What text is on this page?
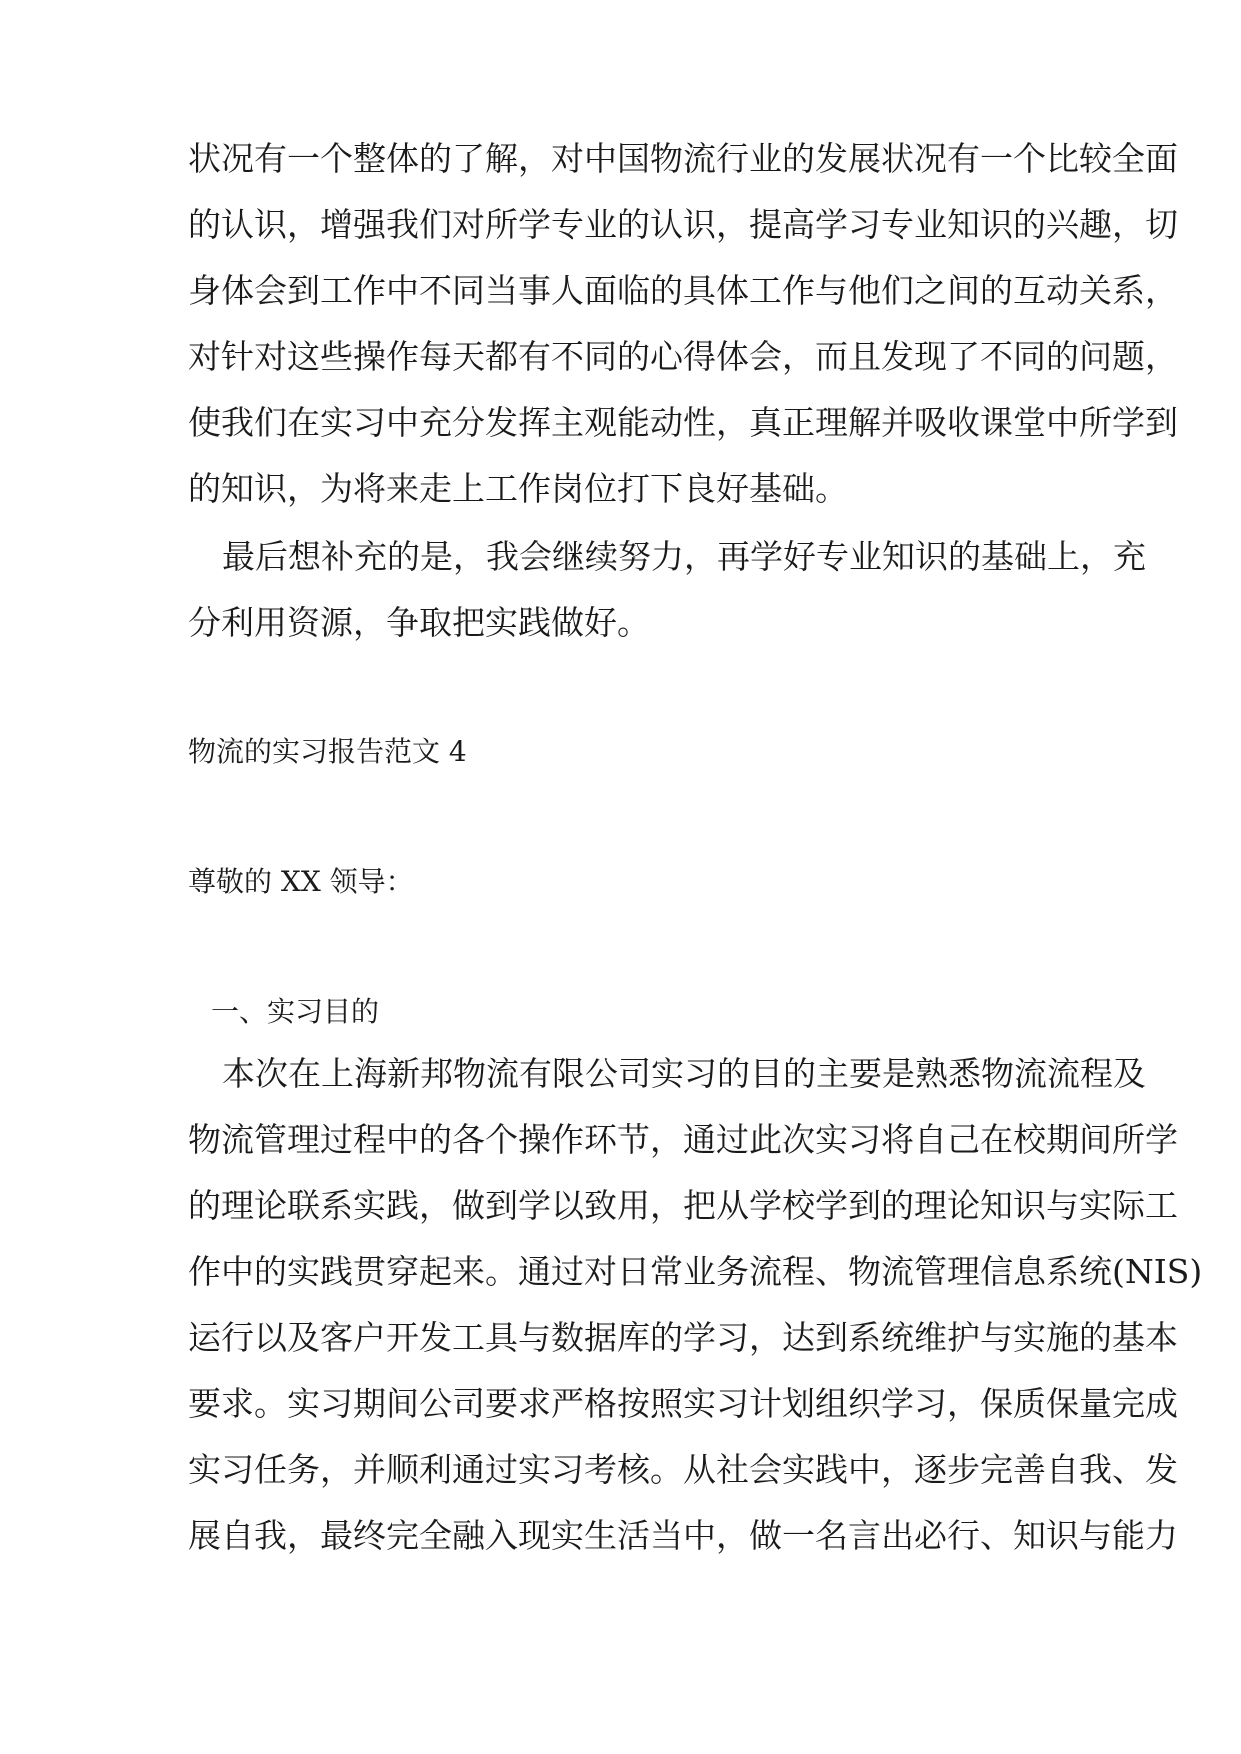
状况有一个整体的了解，对中国物流行业的发展状况有一个比较全面
的认识，增强我们对所学专业的认识，提高学习专业知识的兴趣，切
身体会到工作中不同当事人面临的具体工作与他们之间的互动关系，
对针对这些操作每天都有不同的心得体会，而且发现了不同的问题，
使我们在实习中充分发挥主观能动性，真正理解并吸收课堂中所学到
的知识，为将来走上工作岗位打下良好基础。
最后想补充的是，我会继续努力，再学好专业知识的基础上，充
分利用资源，争取把实践做好。
物流的实习报告范文 4
尊敬的 XX 领导：
一、实习目的
本次在上海新邦物流有限公司实习的目的主要是熟悉物流流程及
物流管理过程中的各个操作环节，通过此次实习将自己在校期间所学
的理论联系实践，做到学以致用，把从学校学到的理论知识与实际工
作中的实践贯穿起来。通过对日常业务流程、物流管理信息系统(NIS)
运行以及客户开发工具与数据库的学习，达到系统维护与实施的基本
要求。实习期间公司要求严格按照实习计划组织学习，保质保量完成
实习任务，并顺利通过实习考核。从社会实践中，逐步完善自我、发
展自我，最终完全融入现实生活当中，做一名言出必行、知识与能力
